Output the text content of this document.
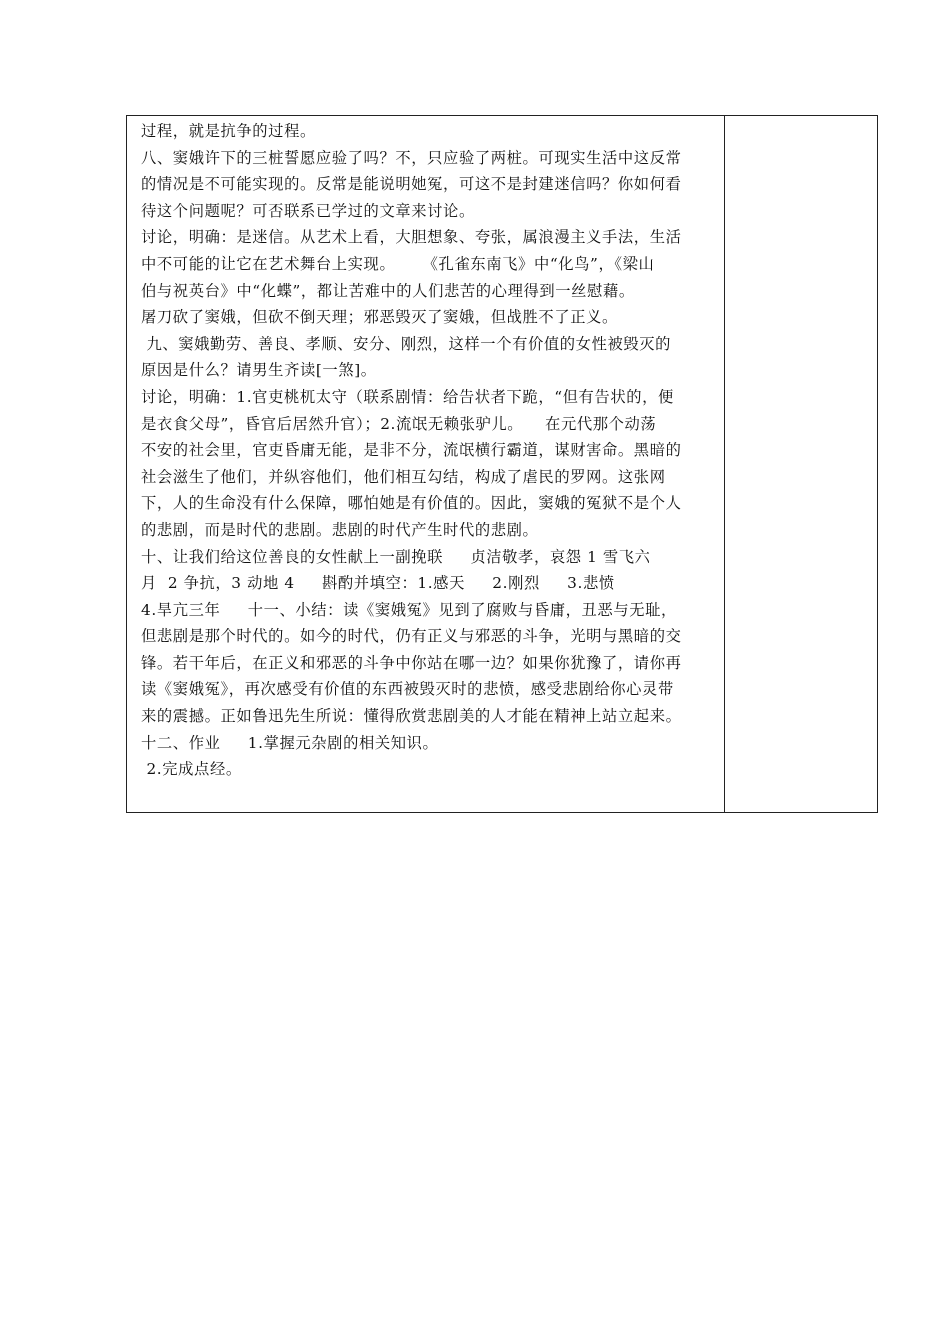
过程，就是抗争的过程。
八、窦娥许下的三桩誓愿应验了吗？不，只应验了两桩。可现实生活中这反常
的情况是不可能实现的。反常是能说明她冤，可这不是封建迷信吗？你如何看
待这个问题呢？可否联系已学过的文章来讨论。
讨论，明确：是迷信。从艺术上看，大胆想象、夸张，属浪漫主义手法，生活
中不可能的让它在艺术舞台上实现。     《孔雀东南飞》中“化鸟”，《梁山
伯与祝英台》中“化蝶”，都让苦难中的人们悲苦的心理得到一丝慰藉。
屠刀砍了窦娥，但砍不倒天理；邪恶毁灭了窦娥，但战胜不了正义。
九、窦娥勤劳、善良、孝顺、安分、刚烈，这样一个有价值的女性被毁灭的
原因是什么？请男生齐读[一煞]。
讨论，明确：1.官吏桃杌太守（联系剧情：给告状者下跪，“但有告状的，便
是衣食父母”，昏官后居然升官）；2.流氓无赖张驴儿。    在元代那个动荡
不安的社会里，官吏昏庸无能，是非不分，流氓横行霸道，谋财害命。黑暗的
社会滋生了他们，并纵容他们，他们相互勾结，构成了虐民的罗网。这张网
下，人的生命没有什么保障，哪怕她是有价值的。因此，窦娥的冤狱不是个人
的悲剧，而是时代的悲剧。悲剧的时代产生时代的悲剧。
十、让我们给这位善良的女性献上一副挽联     贞洁敬孝，哀怨 1 雪飞六
月  2 争抗，3 动地 4     斟酌并填空：1.感天     2.刚烈     3.悲愤
4.旱亢三年     十一、小结：读《窦娥冤》见到了腐败与昏庸，丑恶与无耻，
但悲剧是那个时代的。如今的时代，仍有正义与邪恶的斗争，光明与黑暗的交
锋。若干年后，在正义和邪恶的斗争中你站在哪一边？如果你犹豫了，请你再
读《窦娥冤》，再次感受有价值的东西被毁灭时的悲愤，感受悲剧给你心灵带
来的震撼。正如鲁迅先生所说：懂得欣赏悲剧美的人才能在精神上站立起来。
十二、作业     1.掌握元杂剧的相关知识。
2.完成点经。
